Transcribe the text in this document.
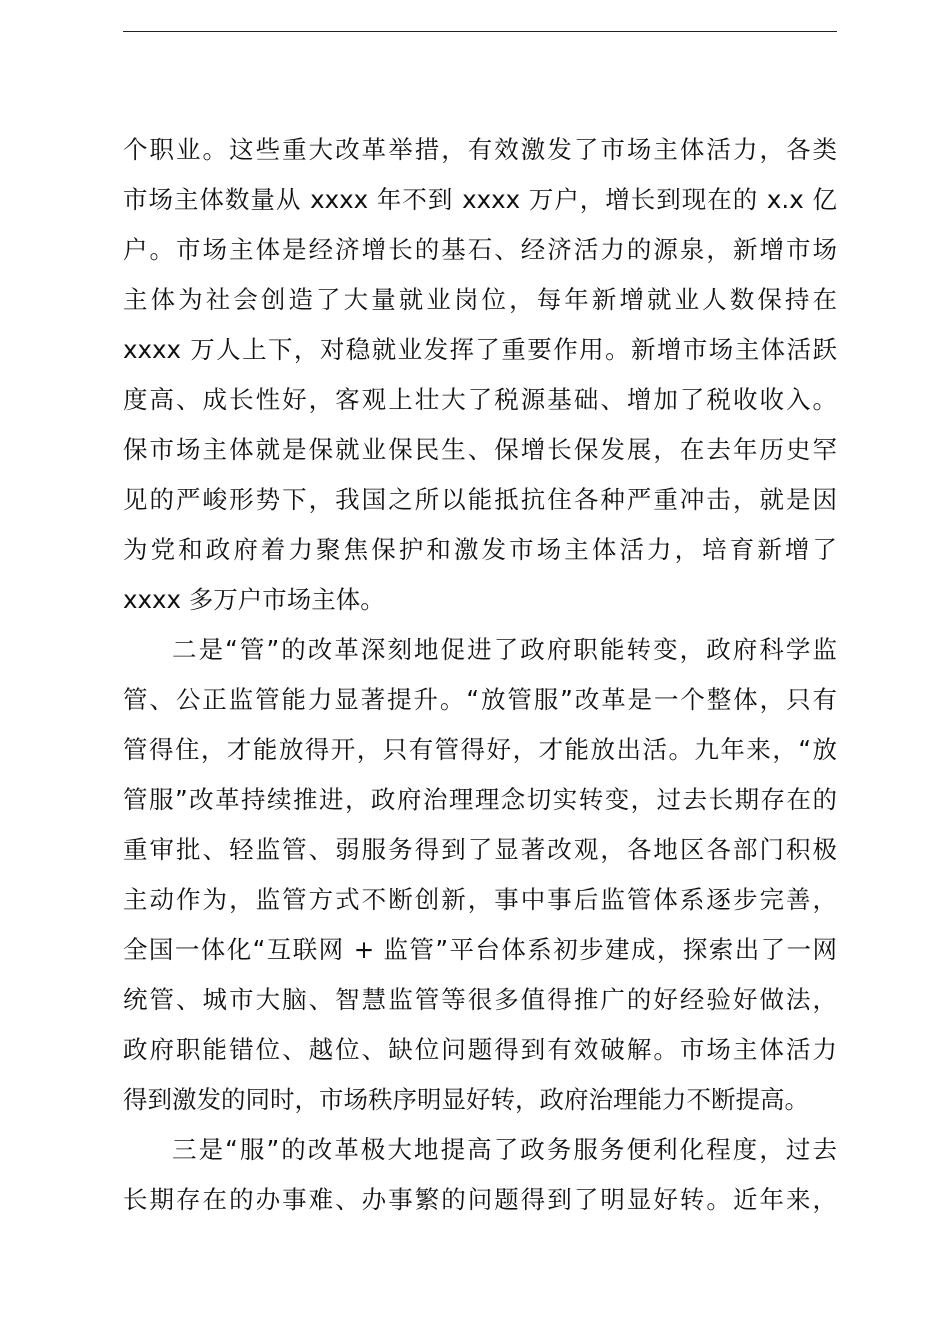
个职业。这些重大改革举措，有效激发了市场主体活力，各类
市场主体数量从 xxxx 年不到 xxxx 万户，增长到现在的 x.x 亿
户。市场主体是经济增长的基石、经济活力的源泉，新增市场
主体为社会创造了大量就业岗位，每年新增就业人数保持在
xxxx 万人上下，对稳就业发挥了重要作用。新增市场主体活跃
度高、成长性好，客观上壮大了税源基础、增加了税收收入。
保市场主体就是保就业保民生、保增长保发展，在去年历史罕
见的严峻形势下，我国之所以能抵抗住各种严重冲击，就是因
为党和政府着力聚焦保护和激发市场主体活力，培育新增了
xxxx 多万户市场主体。
二是“管”的改革深刻地促进了政府职能转变，政府科学监
管、公正监管能力显著提升。“放管服”改革是一个整体，只有
管得住，才能放得开，只有管得好，才能放出活。九年来，“放
管服”改革持续推进，政府治理理念切实转变，过去长期存在的
重审批、轻监管、弱服务得到了显著改观，各地区各部门积极
主动作为，监管方式不断创新，事中事后监管体系逐步完善，
全国一体化“互联网 + 监管”平台体系初步建成，探索出了一网
统管、城市大脑、智慧监管等很多值得推广的好经验好做法，
政府职能错位、越位、缺位问题得到有效破解。市场主体活力
得到激发的同时，市场秩序明显好转，政府治理能力不断提高。
三是“服”的改革极大地提高了政务服务便利化程度，过去
长期存在的办事难、办事繁的问题得到了明显好转。近年来，
